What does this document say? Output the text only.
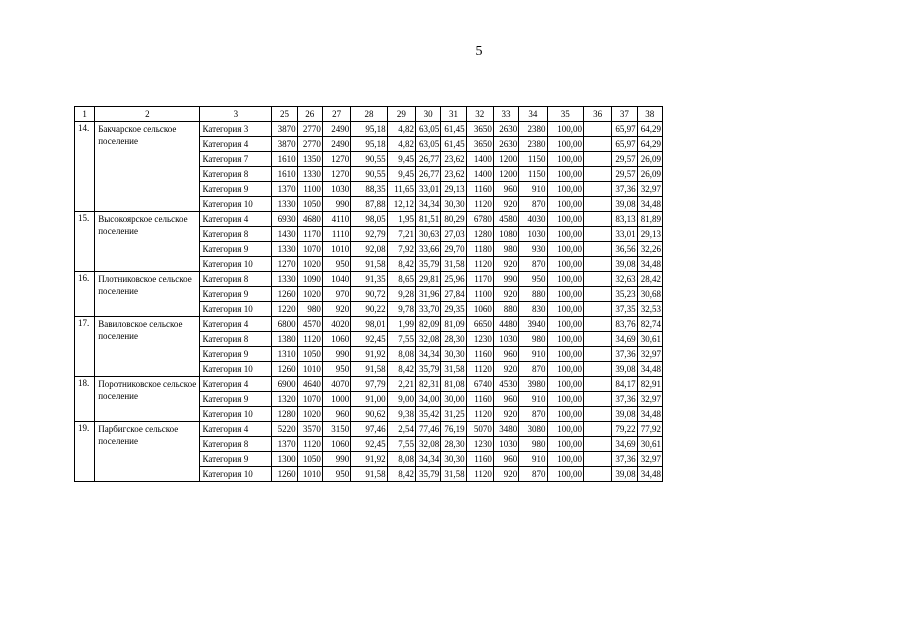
5
1	2	3	25	26	27	28	29	30	31	32	33	34	35	36	37	38
14.	Бакчарское сельское поселение	Категория 3	3870	2770	2490	95,18	4,82	63,05	61,45	3650	2630	2380	100,00		65,97	64,29
		Категория 4	3870	2770	2490	95,18	4,82	63,05	61,45	3650	2630	2380	100,00		65,97	64,29
		Категория 7	1610	1350	1270	90,55	9,45	26,77	23,62	1400	1200	1150	100,00		29,57	26,09
		Категория 8	1610	1330	1270	90,55	9,45	26,77	23,62	1400	1200	1150	100,00		29,57	26,09
		Категория 9	1370	1100	1030	88,35	11,65	33,01	29,13	1160	960	910	100,00		37,36	32,97
		Категория 10	1330	1050	990	87,88	12,12	34,34	30,30	1120	920	870	100,00		39,08	34,48
15.	Высокоярское сельское поселение	Категория 4	6930	4680	4110	98,05	1,95	81,51	80,29	6780	4580	4030	100,00		83,13	81,89
		Категория 8	1430	1170	1110	92,79	7,21	30,63	27,03	1280	1080	1030	100,00		33,01	29,13
		Категория 9	1330	1070	1010	92,08	7,92	33,66	29,70	1180	980	930	100,00		36,56	32,26
		Категория 10	1270	1020	950	91,58	8,42	35,79	31,58	1120	920	870	100,00		39,08	34,48
16.	Плотниковское сельское поселение	Категория 8	1330	1090	1040	91,35	8,65	29,81	25,96	1170	990	950	100,00		32,63	28,42
		Категория 9	1260	1020	970	90,72	9,28	31,96	27,84	1100	920	880	100,00		35,23	30,68
		Категория 10	1220	980	920	90,22	9,78	33,70	29,35	1060	880	830	100,00		37,35	32,53
17.	Вавиловское сельское поселение	Категория 4	6800	4570	4020	98,01	1,99	82,09	81,09	6650	4480	3940	100,00		83,76	82,74
		Категория 8	1380	1120	1060	92,45	7,55	32,08	28,30	1230	1030	980	100,00		34,69	30,61
		Категория 9	1310	1050	990	91,92	8,08	34,34	30,30	1160	960	910	100,00		37,36	32,97
		Категория 10	1260	1010	950	91,58	8,42	35,79	31,58	1120	920	870	100,00		39,08	34,48
18.	Поротниковское сельское поселение	Категория 4	6900	4640	4070	97,79	2,21	82,31	81,08	6740	4530	3980	100,00		84,17	82,91
		Категория 9	1320	1070	1000	91,00	9,00	34,00	30,00	1160	960	910	100,00		37,36	32,97
		Категория 10	1280	1020	960	90,62	9,38	35,42	31,25	1120	920	870	100,00		39,08	34,48
19.	Парбигское сельское поселение	Категория 4	5220	3570	3150	97,46	2,54	77,46	76,19	5070	3480	3080	100,00		79,22	77,92
		Категория 8	1370	1120	1060	92,45	7,55	32,08	28,30	1230	1030	980	100,00		34,69	30,61
		Категория 9	1300	1050	990	91,92	8,08	34,34	30,30	1160	960	910	100,00		37,36	32,97
		Категория 10	1260	1010	950	91,58	8,42	35,79	31,58	1120	920	870	100,00		39,08	34,48
